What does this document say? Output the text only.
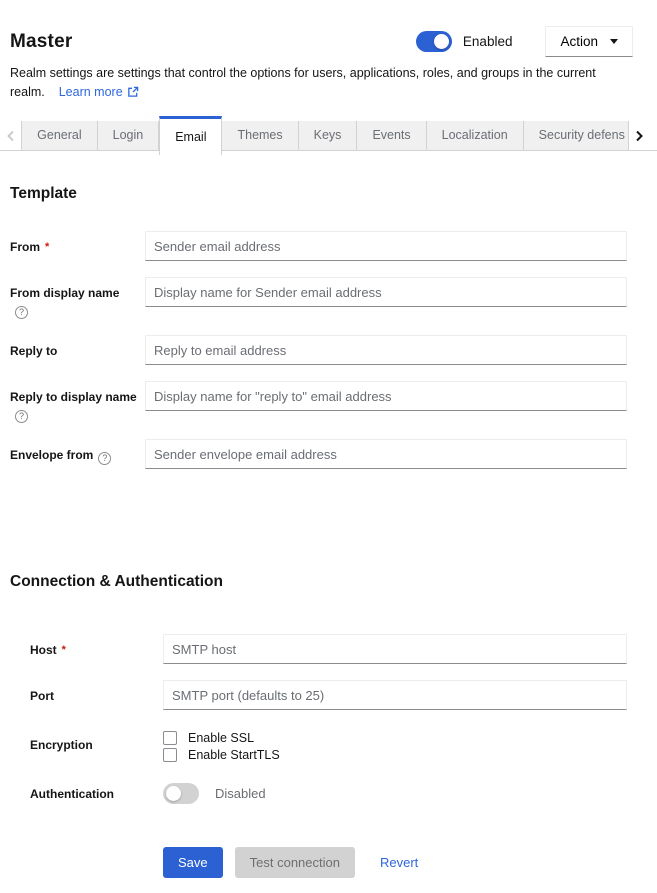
Master	Enabled	Action

Realm settings are settings that control the options for users, applications, roles, and groups in the current realm. Learn more

General	Login	Email	Themes	Keys	Events	Localization	Security defens
Template
From *
Sender email address
From display name?
Display name for Sender email address
Reply to
Reply to email address
Reply to display name ?
Display name for "reply to" email address
Envelope from ?
Sender envelope email address
Connection & Authentication
Host *
SMTP host
Port
SMTP port (defaults to 25)
Encryption	Enable SSL
Enable StartTLS
Authentication	Disabled
Save	Test connection	Revert
